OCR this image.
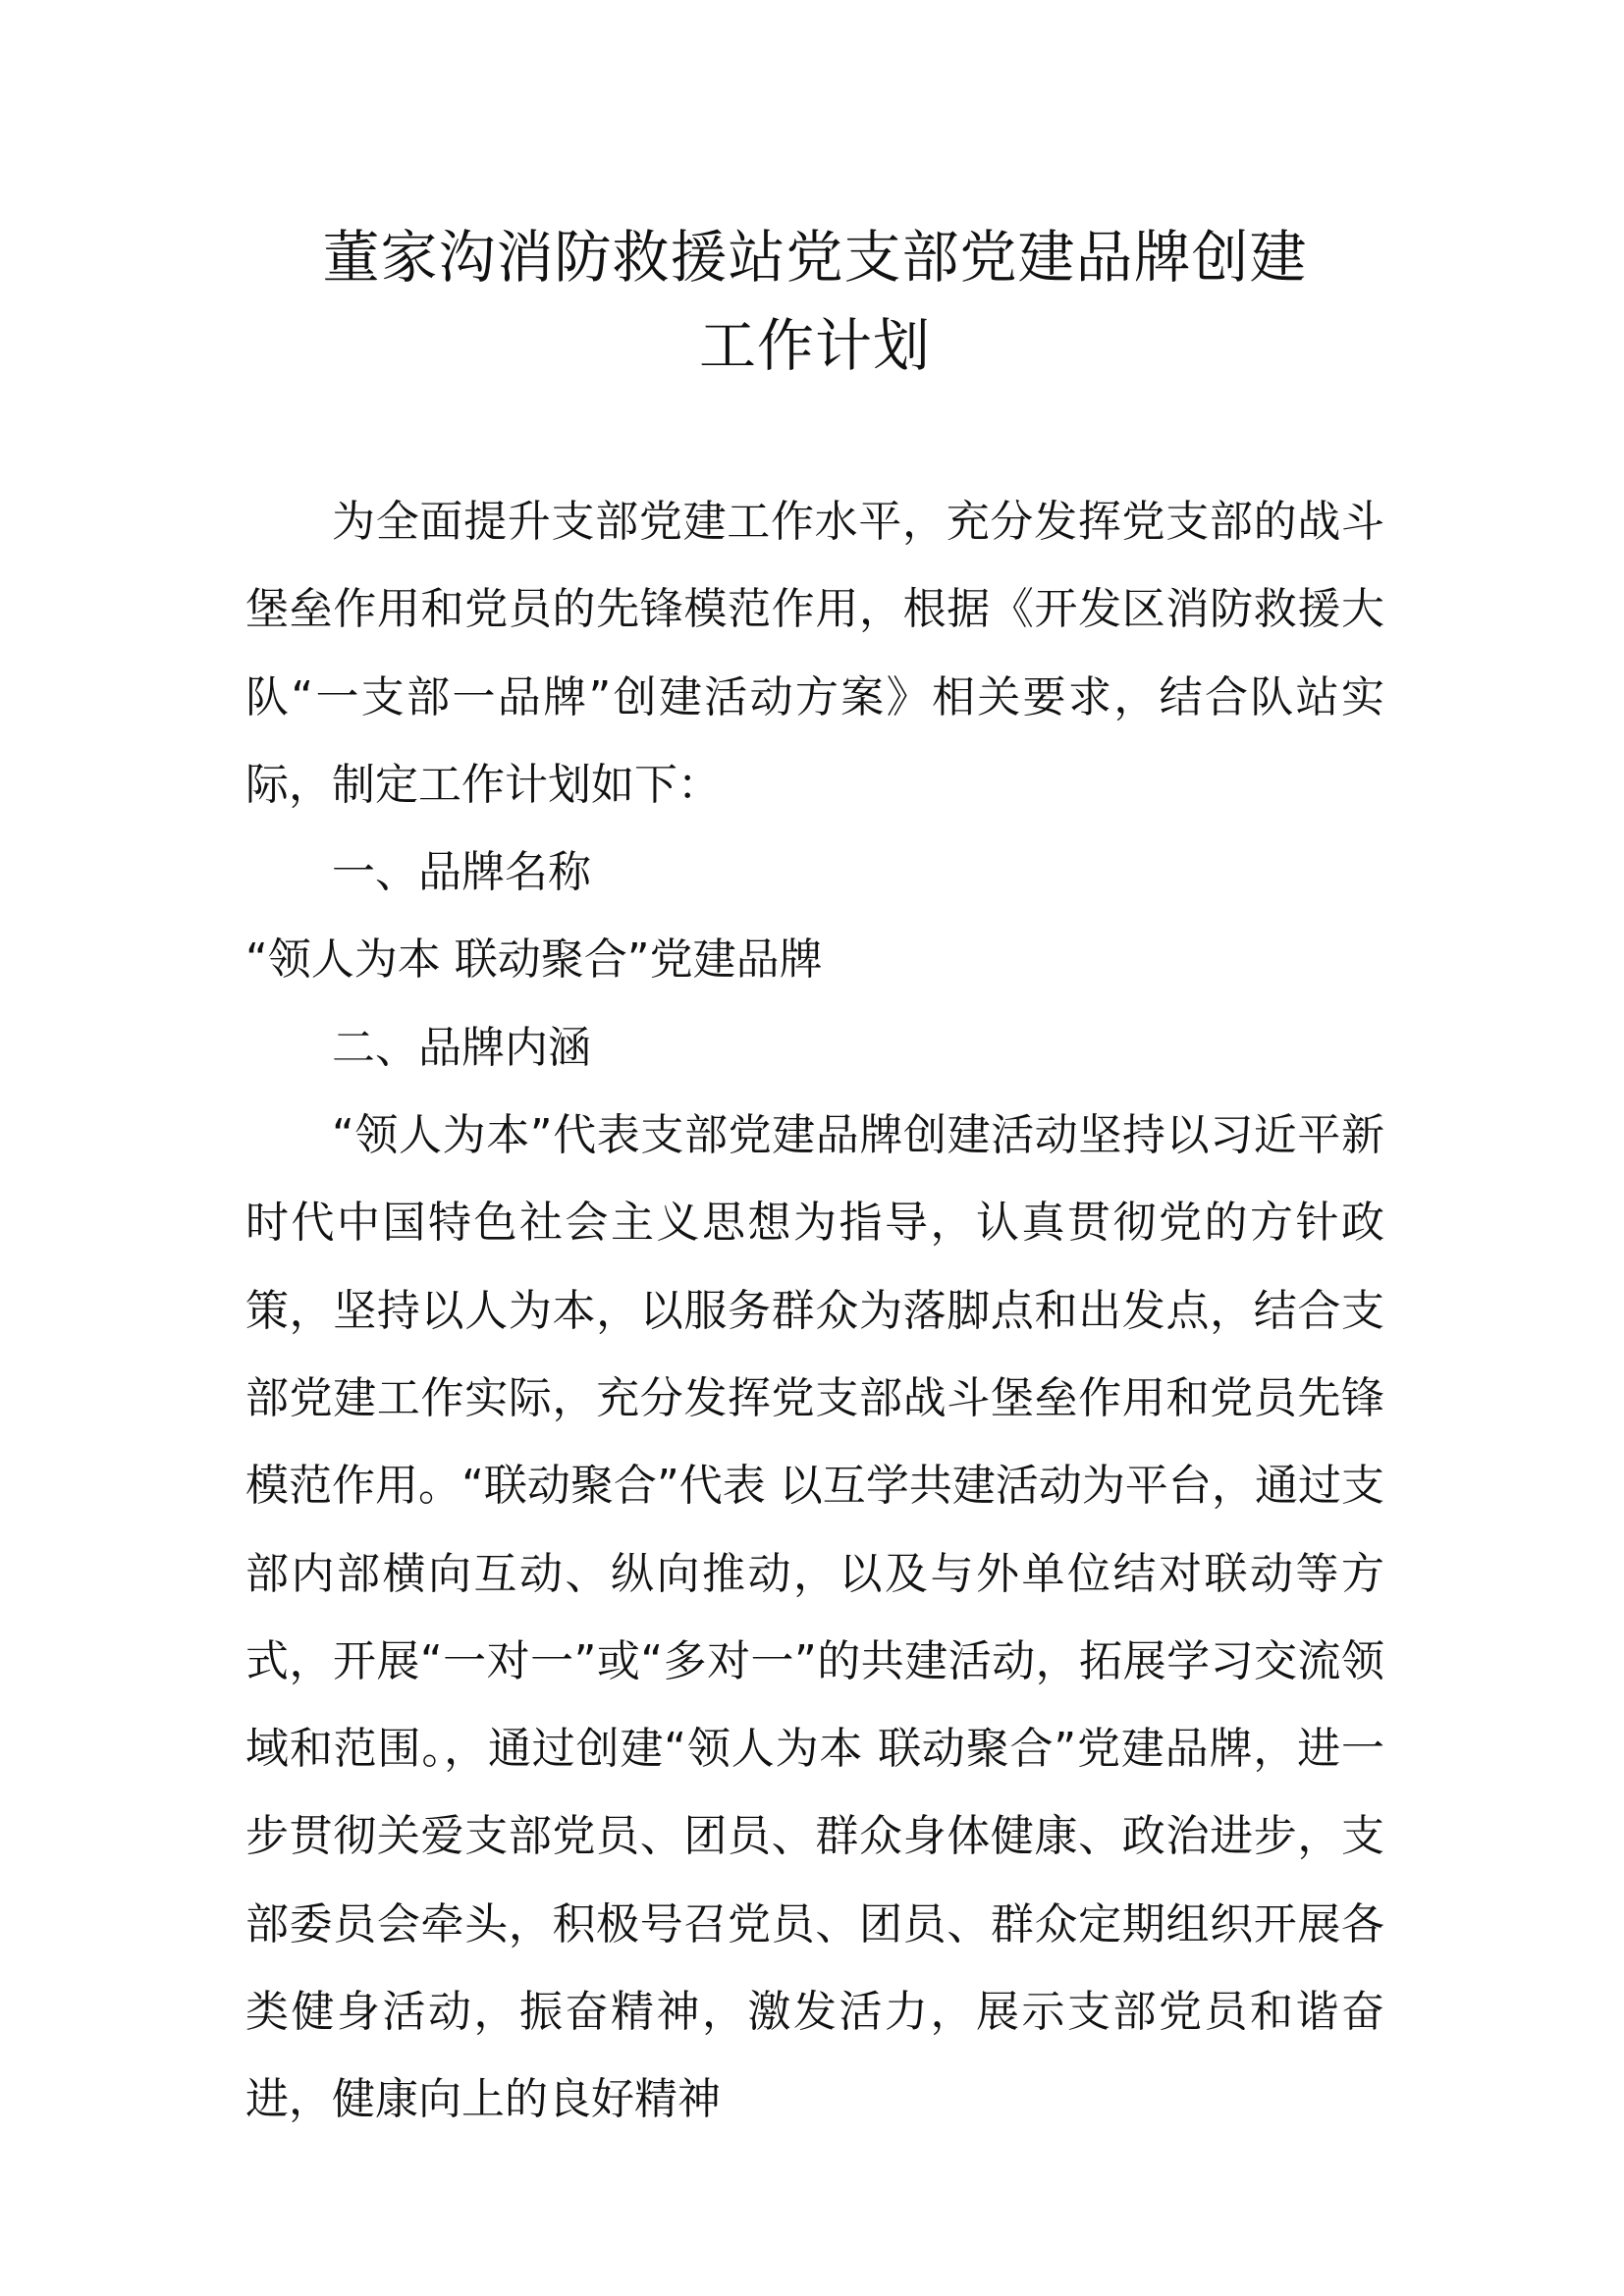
董家沟消防救援站党支部党建品牌创建
工作计划

为全面提升支部党建工作水平，充分发挥党支部的战斗堡垒作用和党员的先锋模范作用，根据《开发区消防救援大队“一支部一品牌”创建活动方案》相关要求，结合队站实际，制定工作计划如下：

一、品牌名称

“领人为本 联动聚合”党建品牌

二、品牌内涵

“领人为本”代表支部党建品牌创建活动坚持以习近平新时代中国特色社会主义思想为指导，认真贯彻党的方针政策，坚持以人为本，以服务群众为落脚点和出发点，结合支部党建工作实际，充分发挥党支部战斗堡垒作用和党员先锋模范作用。“联动聚合”代表 以互学共建活动为平台，通过支部内部横向互动、纵向推动，以及与外单位结对联动等方式，开展“一对一”或“多对一”的共建活动，拓展学习交流领域和范围。，通过创建“领人为本 联动聚合”党建品牌，进一步贯彻关爱支部党员、团员、群众身体健康、政治进步，支部委员会牵头，积极号召党员、团员、群众定期组织开展各类健身活动，振奋精神，激发活力，展示支部党员和谐奋进，健康向上的良好精神
